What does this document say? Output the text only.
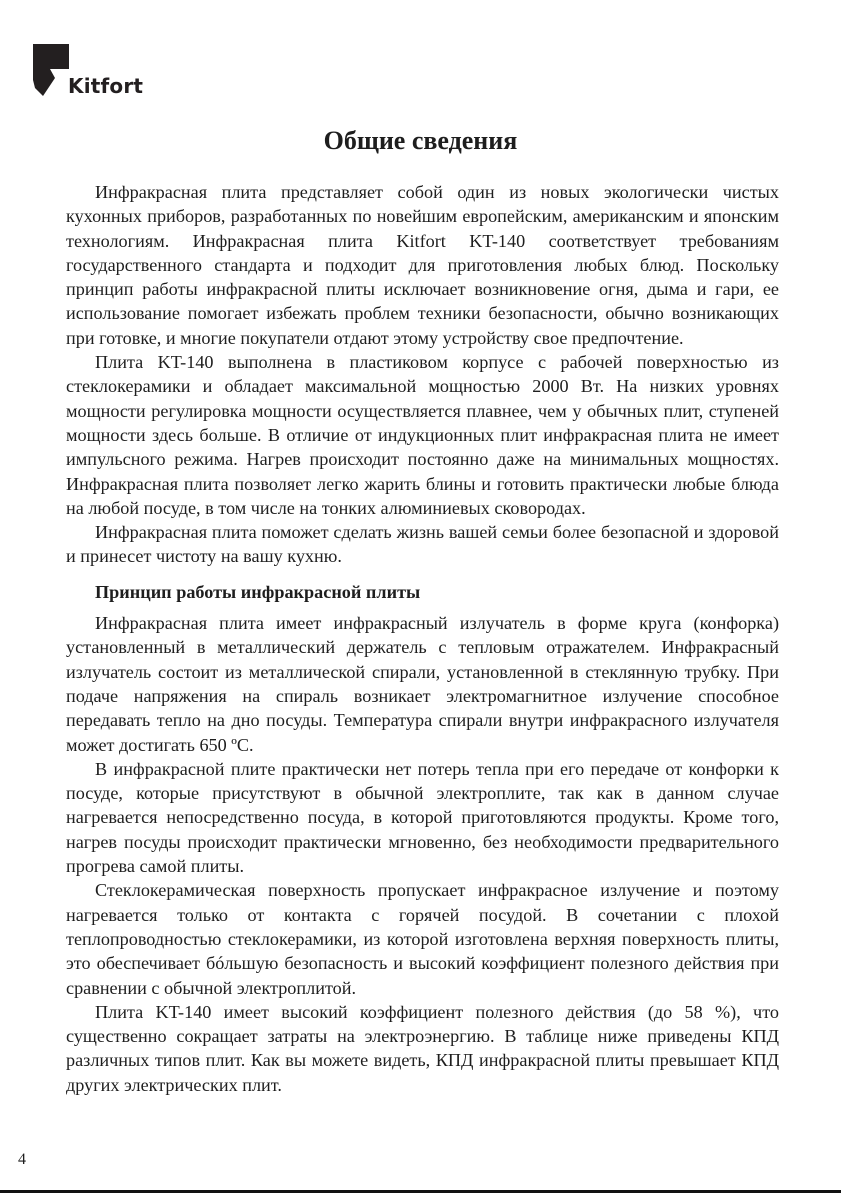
Kitfort
Общие сведения

Инфракрасная плита представляет собой один из новых экологически чистых кухонных приборов, разработанных по новейшим европейским, американским и японским технологиям. Инфракрасная плита Kitfort KT-140 соответствует требованиям государственного стандарта и подходит для приготовления любых блюд. Поскольку принцип работы инфракрасной плиты исключает возникновение огня, дыма и гари, ее использование помогает избежать проблем техники безопасности, обычно возникающих при готовке, и многие покупатели отдают этому устройству свое предпочтение.

Плита KT-140 выполнена в пластиковом корпусе с рабочей поверхностью из стеклокерамики и обладает максимальной мощностью 2000 Вт. На низких уровнях мощности регулировка мощности осуществляется плавнее, чем у обычных плит, ступеней мощности здесь больше. В отличие от индукционных плит инфракрасная плита не имеет импульсного режима. Нагрев происходит постоянно даже на минимальных мощностях. Инфракрасная плита позволяет легко жарить блины и готовить практически любые блюда на любой посуде, в том числе на тонких алюминиевых сковородах.

Инфракрасная плита поможет сделать жизнь вашей семьи более безопасной и здоровой и принесет чистоту на вашу кухню.

Принцип работы инфракрасной плиты

Инфракрасная плита имеет инфракрасный излучатель в форме круга (конфорка) установленный в металлический держатель с тепловым отражателем. Инфракрасный излучатель состоит из металлической спирали, установленной в стеклянную трубку. При подаче напряжения на спираль возникает электромагнитное излучение способное передавать тепло на дно посуды. Температура спирали внутри инфракрасного излучателя может достигать 650 ºC.

В инфракрасной плите практически нет потерь тепла при его передаче от конфорки к посуде, которые присутствуют в обычной электроплите, так как в данном случае нагревается непосредственно посуда, в которой приготовляются продукты. Кроме того, нагрев посуды происходит практически мгновенно, без необходимости предварительного прогрева самой плиты.

Стеклокерамическая поверхность пропускает инфракрасное излучение и поэтому нагревается только от контакта с горячей посудой. В сочетании с плохой теплопроводностью стеклокерамики, из которой изготовлена верхняя поверхность плиты, это обеспечивает бóльшую безопасность и высокий коэффициент полезного действия при сравнении с обычной электроплитой.

Плита KT-140 имеет высокий коэффициент полезного действия (до 58 %), что существенно сокращает затраты на электроэнергию. В таблице ниже приведены КПД различных типов плит. Как вы можете видеть, КПД инфракрасной плиты превышает КПД других электрических плит.

4
